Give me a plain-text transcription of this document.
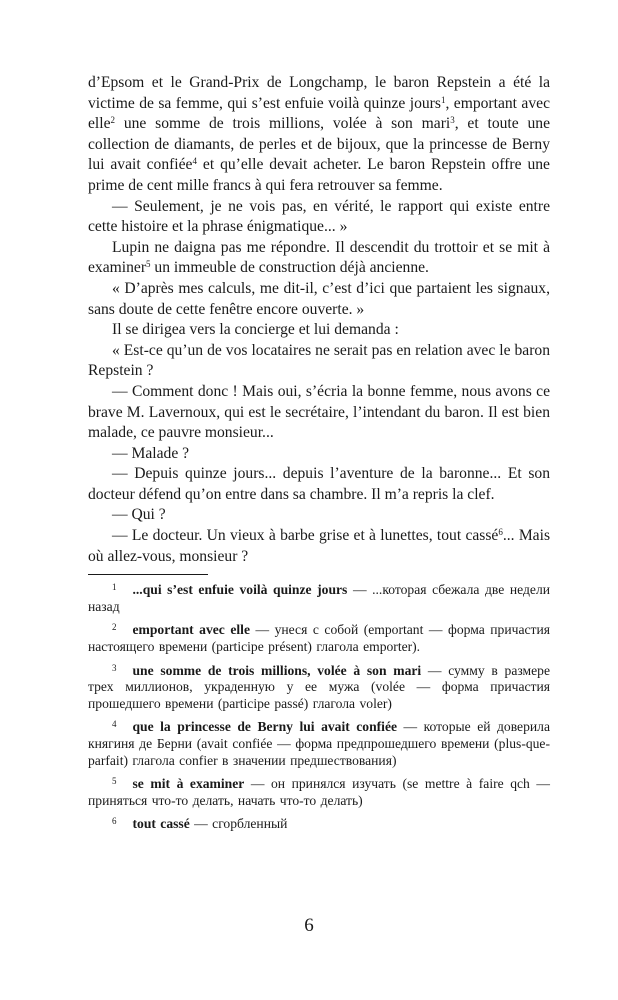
d’Epsom et le Grand-Prix de Longchamp, le baron Repstein a été la victime de sa femme, qui s’est enfuie voilà quinze jours$^1$, emportant avec elle$^2$ une somme de trois millions, volée à son mari$^3$, et toute une collection de diamants, de perles et de bijoux, que la princesse de Berny lui avait confiée$^4$ et qu’elle devait acheter. Le baron Repstein offre une prime de cent mille francs à qui fera retrouver sa femme.

— Seulement, je ne vois pas, en vérité, le rapport qui existe entre cette histoire et la phrase énigmatique... »

Lupin ne daigna pas me répondre. Il descendit du trottoir et se mit à examiner$^5$ un immeuble de construction déjà ancienne.

« D’après mes calculs, me dit-il, c’est d’ici que partaient les signaux, sans doute de cette fenêtre encore ouverte. »

Il se dirigea vers la concierge et lui demanda :

« Est-ce qu’un de vos locataires ne serait pas en relation avec le baron Repstein ?

— Comment donc ! Mais oui, s’écria la bonne femme, nous avons ce brave M. Lavernoux, qui est le secrétaire, l’intendant du baron. Il est bien malade, ce pauvre monsieur...

— Malade ?

— Depuis quinze jours... depuis l’aventure de la baronne... Et son docteur défend qu’on entre dans sa chambre. Il m’a repris la clef.

— Qui ?

— Le docteur. Un vieux à barbe grise et à lunettes, tout cassé$^6$... Mais où allez-vous, monsieur ?

$^1$ ...qui s’est enfuie voilà quinze jours — ...которая сбежала две недели назад

$^2$ emportant avec elle — унеся с собой (emportant — форма причастия настоящего времени (participe présent) глагола emporter).

$^3$ une somme de trois millions, volée à son mari — сумму в размере трех миллионов, украденную у ее мужа (volée — форма причастия прошедшего времени (participe passé) глагола voler)

$^4$ que la princesse de Berny lui avait confiée — которые ей доверила княгиня де Берни (avait confiée — форма предпрошедшего времени (plus-que-parfait) глагола confier в значении предшествования)

$^5$ se mit à examiner — он принялся изучать (se mettre à faire qch — приняться что-то делать, начать что-то делать)

$^6$ tout cassé — сгорбленный

6
